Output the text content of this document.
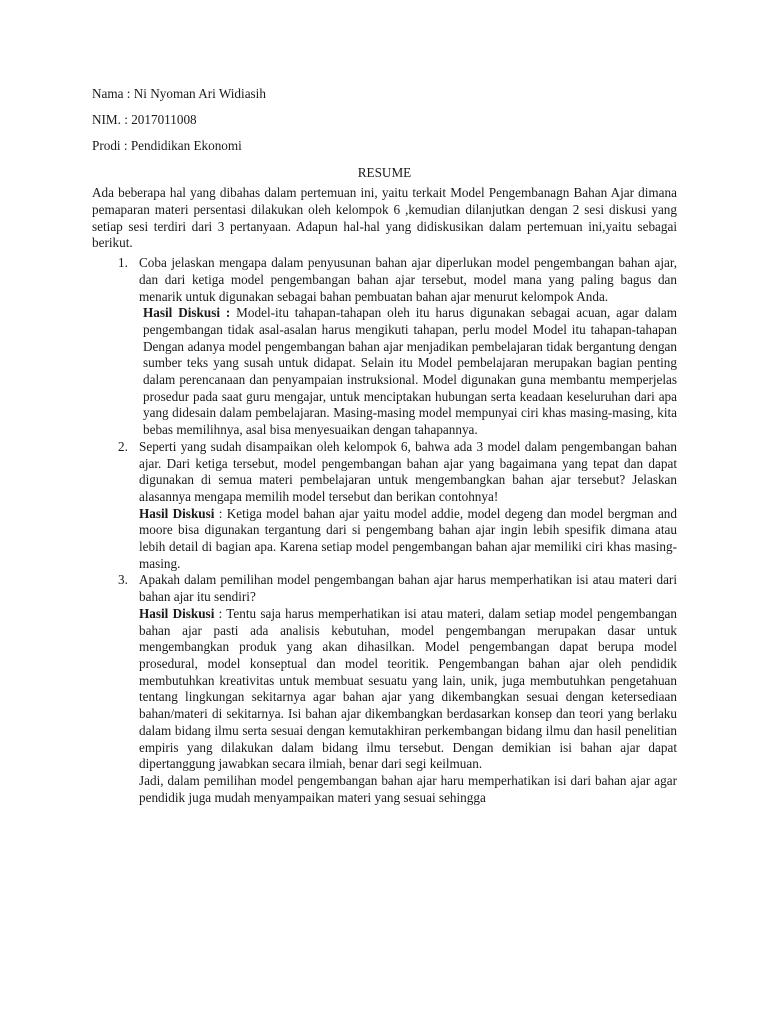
Nama : Ni Nyoman Ari Widiasih

NIM. : 2017011008

Prodi : Pendidikan Ekonomi

RESUME

Ada beberapa hal yang dibahas dalam pertemuan ini, yaitu terkait Model Pengembanagn Bahan Ajar dimana pemaparan materi persentasi dilakukan oleh kelompok 6 ,kemudian dilanjutkan dengan 2 sesi diskusi yang setiap sesi terdiri dari 3 pertanyaan. Adapun hal-hal yang didiskusikan dalam pertemuan ini,yaitu sebagai berikut.

1. Coba jelaskan mengapa dalam penyusunan bahan ajar diperlukan model pengembangan bahan ajar, dan dari ketiga model pengembangan bahan ajar tersebut, model mana yang paling bagus dan menarik untuk digunakan sebagai bahan pembuatan bahan ajar menurut kelompok Anda.

Hasil Diskusi : Model-itu tahapan-tahapan oleh itu harus digunakan sebagai acuan, agar dalam pengembangan tidak asal-asalan harus mengikuti tahapan, perlu model Model itu tahapan-tahapan Dengan adanya model pengembangan bahan ajar menjadikan pembelajaran tidak bergantung dengan sumber teks yang susah untuk didapat. Selain itu Model pembelajaran merupakan bagian penting dalam perencanaan dan penyampaian instruksional. Model digunakan guna membantu memperjelas prosedur pada saat guru mengajar, untuk menciptakan hubungan serta keadaan keseluruhan dari apa yang didesain dalam pembelajaran. Masing-masing model mempunyai ciri khas masing-masing, kita bebas memilihnya, asal bisa menyesuaikan dengan tahapannya.

2. Seperti yang sudah disampaikan oleh kelompok 6, bahwa ada 3 model dalam pengembangan bahan ajar. Dari ketiga tersebut, model pengembangan bahan ajar yang bagaimana yang tepat dan dapat digunakan di semua materi pembelajaran untuk mengembangkan bahan ajar tersebut? Jelaskan alasannya mengapa memilih model tersebut dan berikan contohnya!

Hasil Diskusi : Ketiga model bahan ajar yaitu model addie, model degeng dan model bergman and moore bisa digunakan tergantung dari si pengembang bahan ajar ingin lebih spesifik dimana atau lebih detail di bagian apa. Karena setiap model pengembangan bahan ajar memiliki ciri khas masing-masing.

3. Apakah dalam pemilihan model pengembangan bahan ajar harus memperhatikan isi atau materi dari bahan ajar itu sendiri?

Hasil Diskusi : Tentu saja harus memperhatikan isi atau materi, dalam setiap model pengembangan bahan ajar pasti ada analisis kebutuhan, model pengembangan merupakan dasar untuk mengembangkan produk yang akan dihasilkan. Model pengembangan dapat berupa model prosedural, model konseptual dan model teoritik. Pengembangan bahan ajar oleh pendidik membutuhkan kreativitas untuk membuat sesuatu yang lain, unik, juga membutuhkan pengetahuan tentang lingkungan sekitarnya agar bahan ajar yang dikembangkan sesuai dengan ketersediaan bahan/materi di sekitarnya. Isi bahan ajar dikembangkan berdasarkan konsep dan teori yang berlaku dalam bidang ilmu serta sesuai dengan kemutakhiran perkembangan bidang ilmu dan hasil penelitian empiris yang dilakukan dalam bidang ilmu tersebut. Dengan demikian isi bahan ajar dapat dipertanggung jawabkan secara ilmiah, benar dari segi keilmuan.

Jadi, dalam pemilihan model pengembangan bahan ajar haru memperhatikan isi dari bahan ajar agar pendidik juga mudah menyampaikan materi yang sesuai sehingga
